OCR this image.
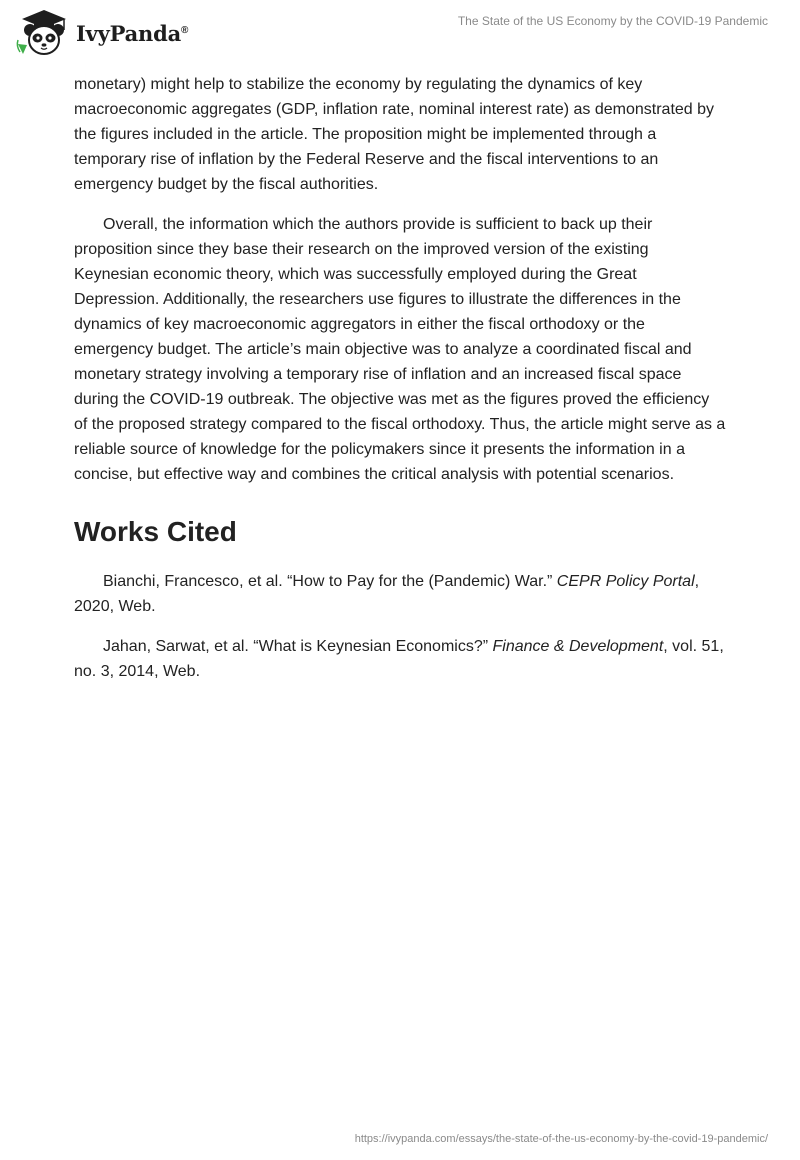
IvyPanda®
The State of the US Economy by the COVID-19 Pandemic

monetary) might help to stabilize the economy by regulating the dynamics of key macroeconomic aggregates (GDP, inflation rate, nominal interest rate) as demonstrated by the figures included in the article. The proposition might be implemented through a temporary rise of inflation by the Federal Reserve and the fiscal interventions to an emergency budget by the fiscal authorities.

Overall, the information which the authors provide is sufficient to back up their proposition since they base their research on the improved version of the existing Keynesian economic theory, which was successfully employed during the Great Depression. Additionally, the researchers use figures to illustrate the differences in the dynamics of key macroeconomic aggregators in either the fiscal orthodoxy or the emergency budget. The article’s main objective was to analyze a coordinated fiscal and monetary strategy involving a temporary rise of inflation and an increased fiscal space during the COVID-19 outbreak. The objective was met as the figures proved the efficiency of the proposed strategy compared to the fiscal orthodoxy. Thus, the article might serve as a reliable source of knowledge for the policymakers since it presents the information in a concise, but effective way and combines the critical analysis with potential scenarios.

Works Cited

Bianchi, Francesco, et al. “How to Pay for the (Pandemic) War.” CEPR Policy Portal, 2020, Web.

Jahan, Sarwat, et al. “What is Keynesian Economics?” Finance & Development, vol. 51, no. 3, 2014, Web.

https://ivypanda.com/essays/the-state-of-the-us-economy-by-the-covid-19-pandemic/
